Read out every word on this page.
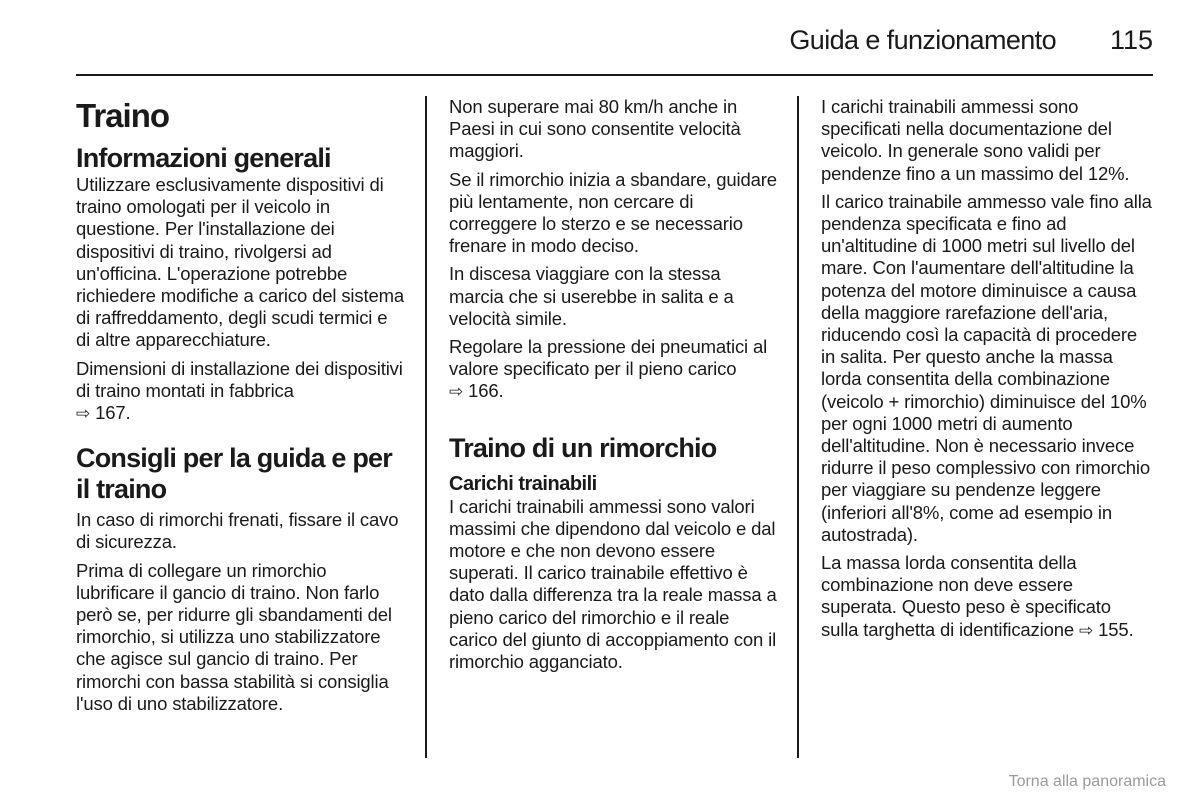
Guida e funzionamento	115
Traino
Informazioni generali

Utilizzare esclusivamente dispositivi di traino omologati per il veicolo in questione. Per l'installazione dei dispositivi di traino, rivolgersi ad un'officina. L'operazione potrebbe richiedere modifiche a carico del sistema di raffreddamento, degli scudi termici e di altre apparecchiature.

Dimensioni di installazione dei dispositivi di traino montati in fabbrica
⇨ 167.

Consigli per la guida e per il traino

In caso di rimorchi frenati, fissare il cavo di sicurezza.

Prima di collegare un rimorchio lubrificare il gancio di traino. Non farlo però se, per ridurre gli sbandamenti del rimorchio, si utilizza uno stabilizzatore che agisce sul gancio di traino. Per rimorchi con bassa stabilità si consiglia l'uso di uno stabilizzatore.

Non superare mai 80 km/h anche in Paesi in cui sono consentite velocità maggiori.

Se il rimorchio inizia a sbandare, guidare più lentamente, non cercare di correggere lo sterzo e se necessario frenare in modo deciso.

In discesa viaggiare con la stessa marcia che si userebbe in salita e a velocità simile.

Regolare la pressione dei pneumatici al valore specificato per il pieno carico
⇨ 166.

Traino di un rimorchio
Carichi trainabili

I carichi trainabili ammessi sono valori massimi che dipendono dal veicolo e dal motore e che non devono essere superati. Il carico trainabile effettivo è dato dalla differenza tra la reale massa a pieno carico del rimorchio e il reale carico del giunto di accoppiamento con il rimorchio agganciato.

I carichi trainabili ammessi sono specificati nella documentazione del veicolo. In generale sono validi per pendenze fino a un massimo del 12%.

Il carico trainabile ammesso vale fino alla pendenza specificata e fino ad un'altitudine di 1000 metri sul livello del mare. Con l'aumentare dell'altitudine la potenza del motore diminuisce a causa della maggiore rarefazione dell'aria, riducendo così la capacità di procedere in salita. Per questo anche la massa lorda consentita della combinazione (veicolo + rimorchio) diminuisce del 10% per ogni 1000 metri di aumento dell'altitudine. Non è necessario invece ridurre il peso complessivo con rimorchio per viaggiare su pendenze leggere (inferiori all'8%, come ad esempio in autostrada).

La massa lorda consentita della combinazione non deve essere superata. Questo peso è specificato sulla targhetta di identificazione ⇨ 155.

Torna alla panoramica
